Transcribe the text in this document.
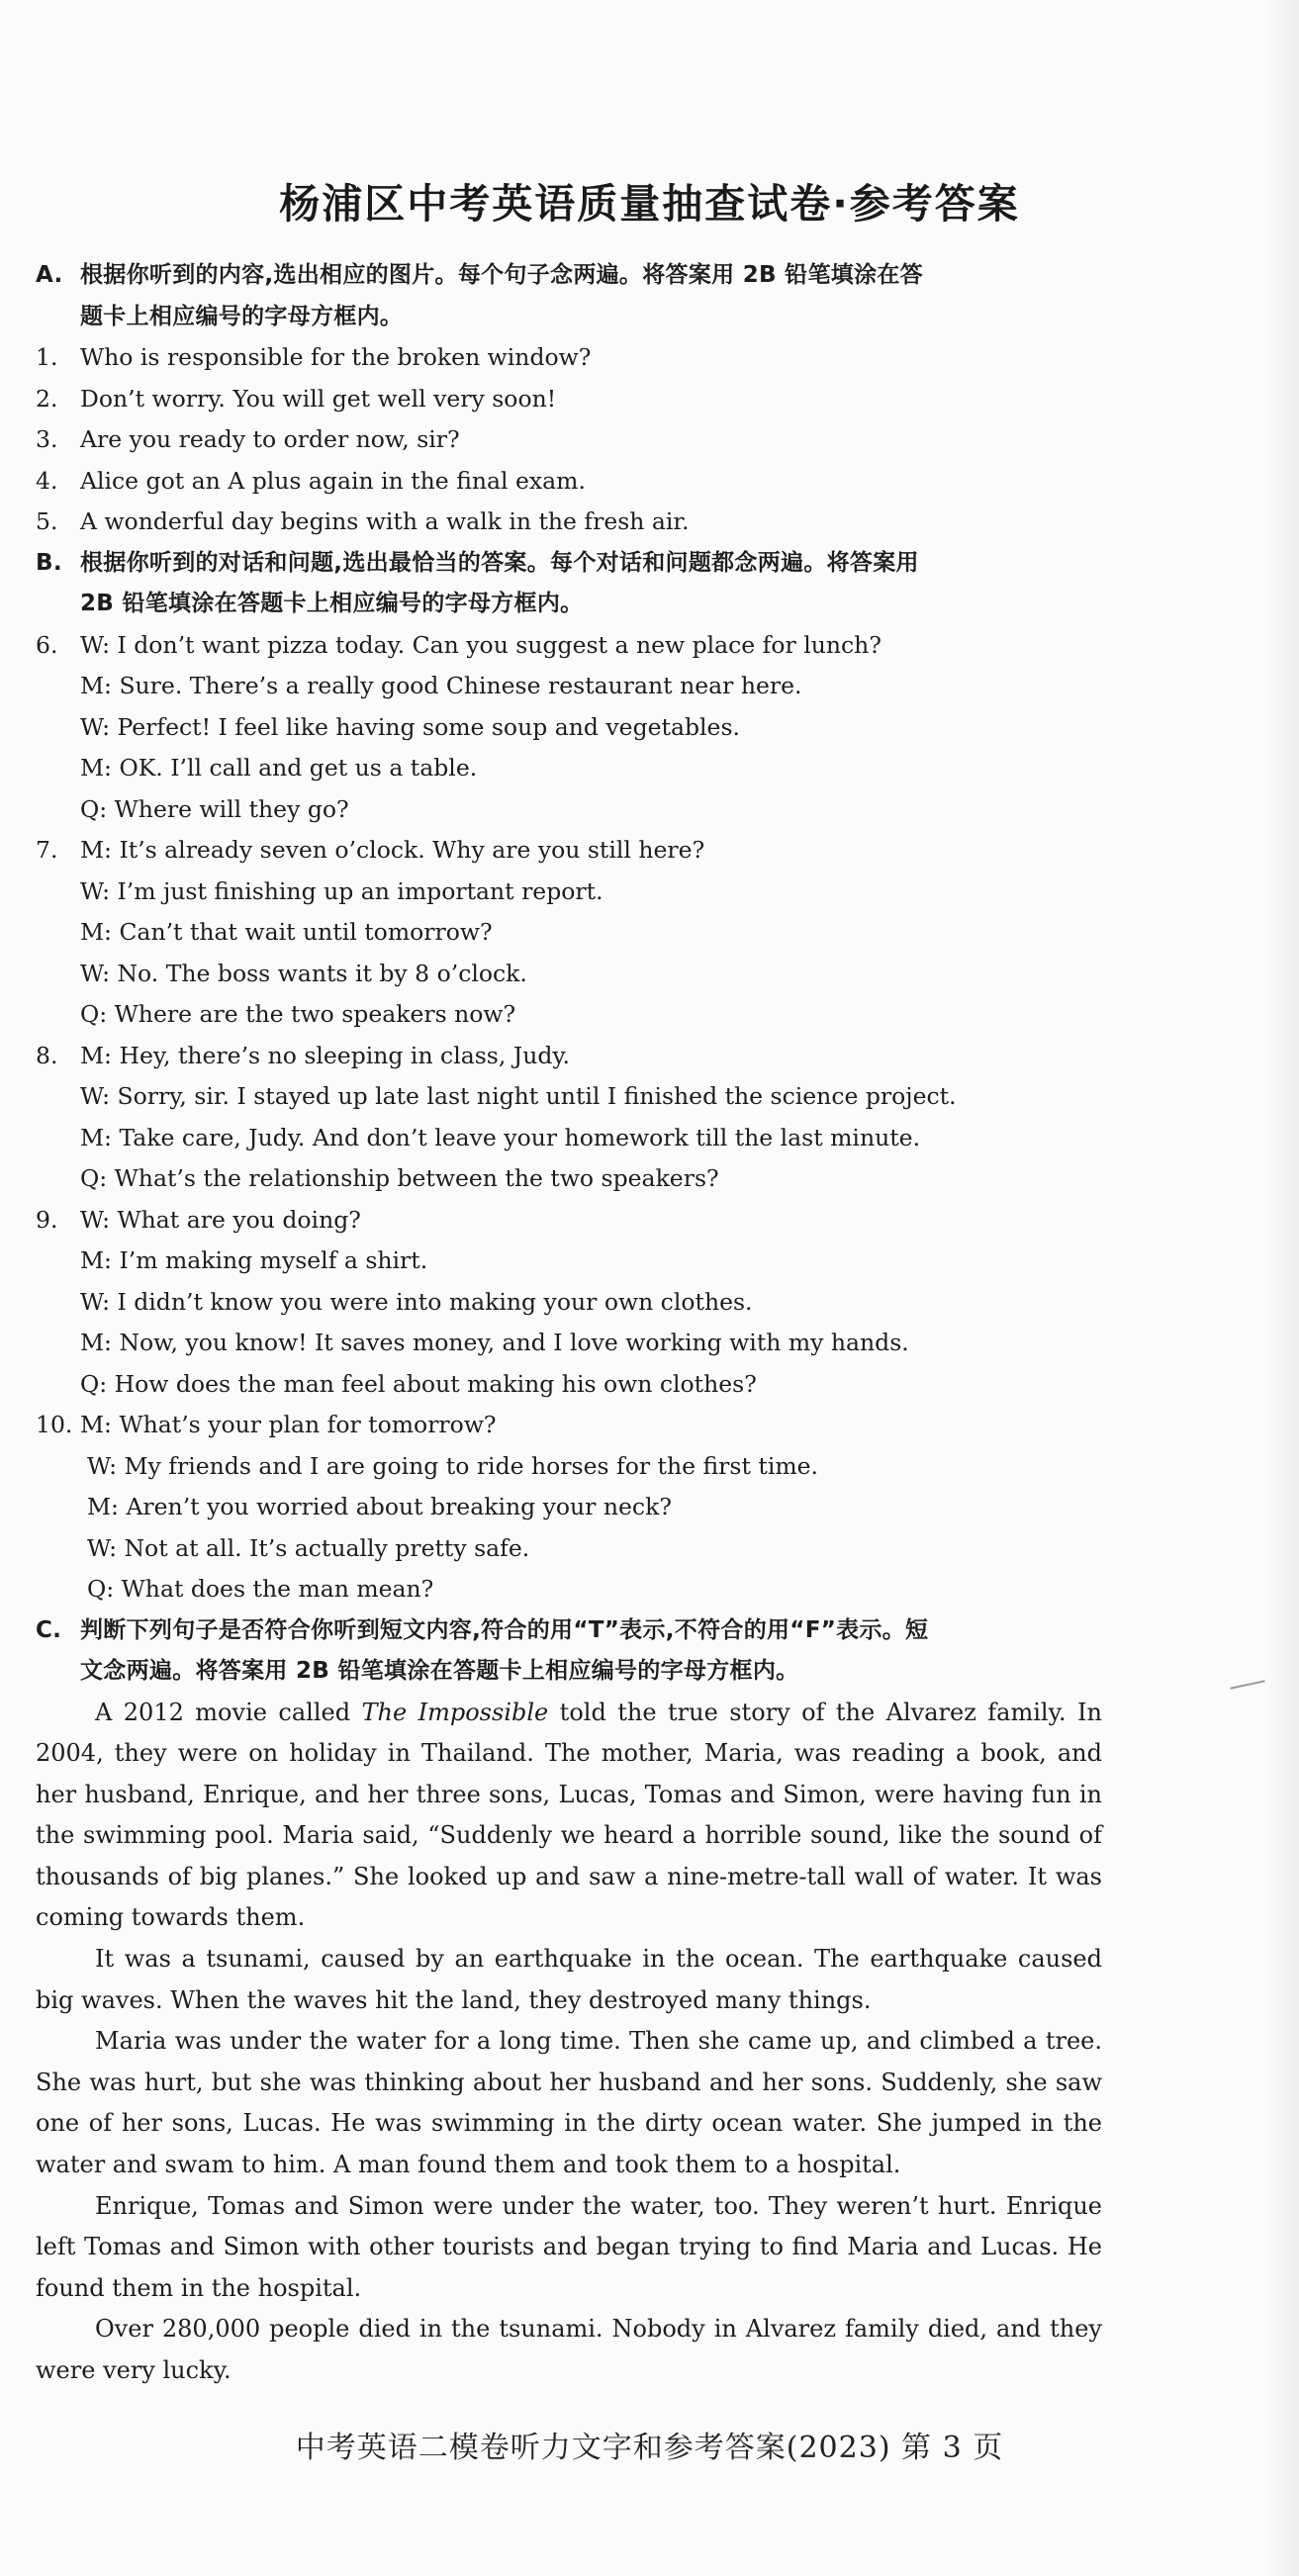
杨浦区中考英语质量抽查试卷·参考答案
A. 根据你听到的内容,选出相应的图片。每个句子念两遍。将答案用 2B 铅笔填涂在答
题卡上相应编号的字母方框内。
1. Who is responsible for the broken window?
2. Don’t worry. You will get well very soon!
3. Are you ready to order now, sir?
4. Alice got an A plus again in the final exam.
5. A wonderful day begins with a walk in the fresh air.
B. 根据你听到的对话和问题,选出最恰当的答案。每个对话和问题都念两遍。将答案用
2B 铅笔填涂在答题卡上相应编号的字母方框内。
6. W: I don’t want pizza today. Can you suggest a new place for lunch?
M: Sure. There’s a really good Chinese restaurant near here.
W: Perfect! I feel like having some soup and vegetables.
M: OK. I’ll call and get us a table.
Q: Where will they go?
7. M: It’s already seven o’clock. Why are you still here?
W: I’m just finishing up an important report.
M: Can’t that wait until tomorrow?
W: No. The boss wants it by 8 o’clock.
Q: Where are the two speakers now?
8. M: Hey, there’s no sleeping in class, Judy.
W: Sorry, sir. I stayed up late last night until I finished the science project.
M: Take care, Judy. And don’t leave your homework till the last minute.
Q: What’s the relationship between the two speakers?
9. W: What are you doing?
M: I’m making myself a shirt.
W: I didn’t know you were into making your own clothes.
M: Now, you know! It saves money, and I love working with my hands.
Q: How does the man feel about making his own clothes?
10. M: What’s your plan for tomorrow?
W: My friends and I are going to ride horses for the first time.
M: Aren’t you worried about breaking your neck?
W: Not at all. It’s actually pretty safe.
Q: What does the man mean?
C. 判断下列句子是否符合你听到短文内容,符合的用“T”表示,不符合的用“F”表示。短
文念两遍。将答案用 2B 铅笔填涂在答题卡上相应编号的字母方框内。

A 2012 movie called The Impossible told the true story of the Alvarez family. In 2004, they were on holiday in Thailand. The mother, Maria, was reading a book, and her husband, Enrique, and her three sons, Lucas, Tomas and Simon, were having fun in the swimming pool. Maria said, “Suddenly we heard a horrible sound, like the sound of thousands of big planes.” She looked up and saw a nine-metre-tall wall of water. It was coming towards them.

It was a tsunami, caused by an earthquake in the ocean. The earthquake caused big waves. When the waves hit the land, they destroyed many things.

Maria was under the water for a long time. Then she came up, and climbed a tree. She was hurt, but she was thinking about her husband and her sons. Suddenly, she saw one of her sons, Lucas. He was swimming in the dirty ocean water. She jumped in the water and swam to him. A man found them and took them to a hospital.

Enrique, Tomas and Simon were under the water, too. They weren’t hurt. Enrique left Tomas and Simon with other tourists and began trying to find Maria and Lucas. He found them in the hospital.

Over 280,000 people died in the tsunami. Nobody in Alvarez family died, and they were very lucky.

中考英语二模卷听力文字和参考答案(2023) 第 3 页
